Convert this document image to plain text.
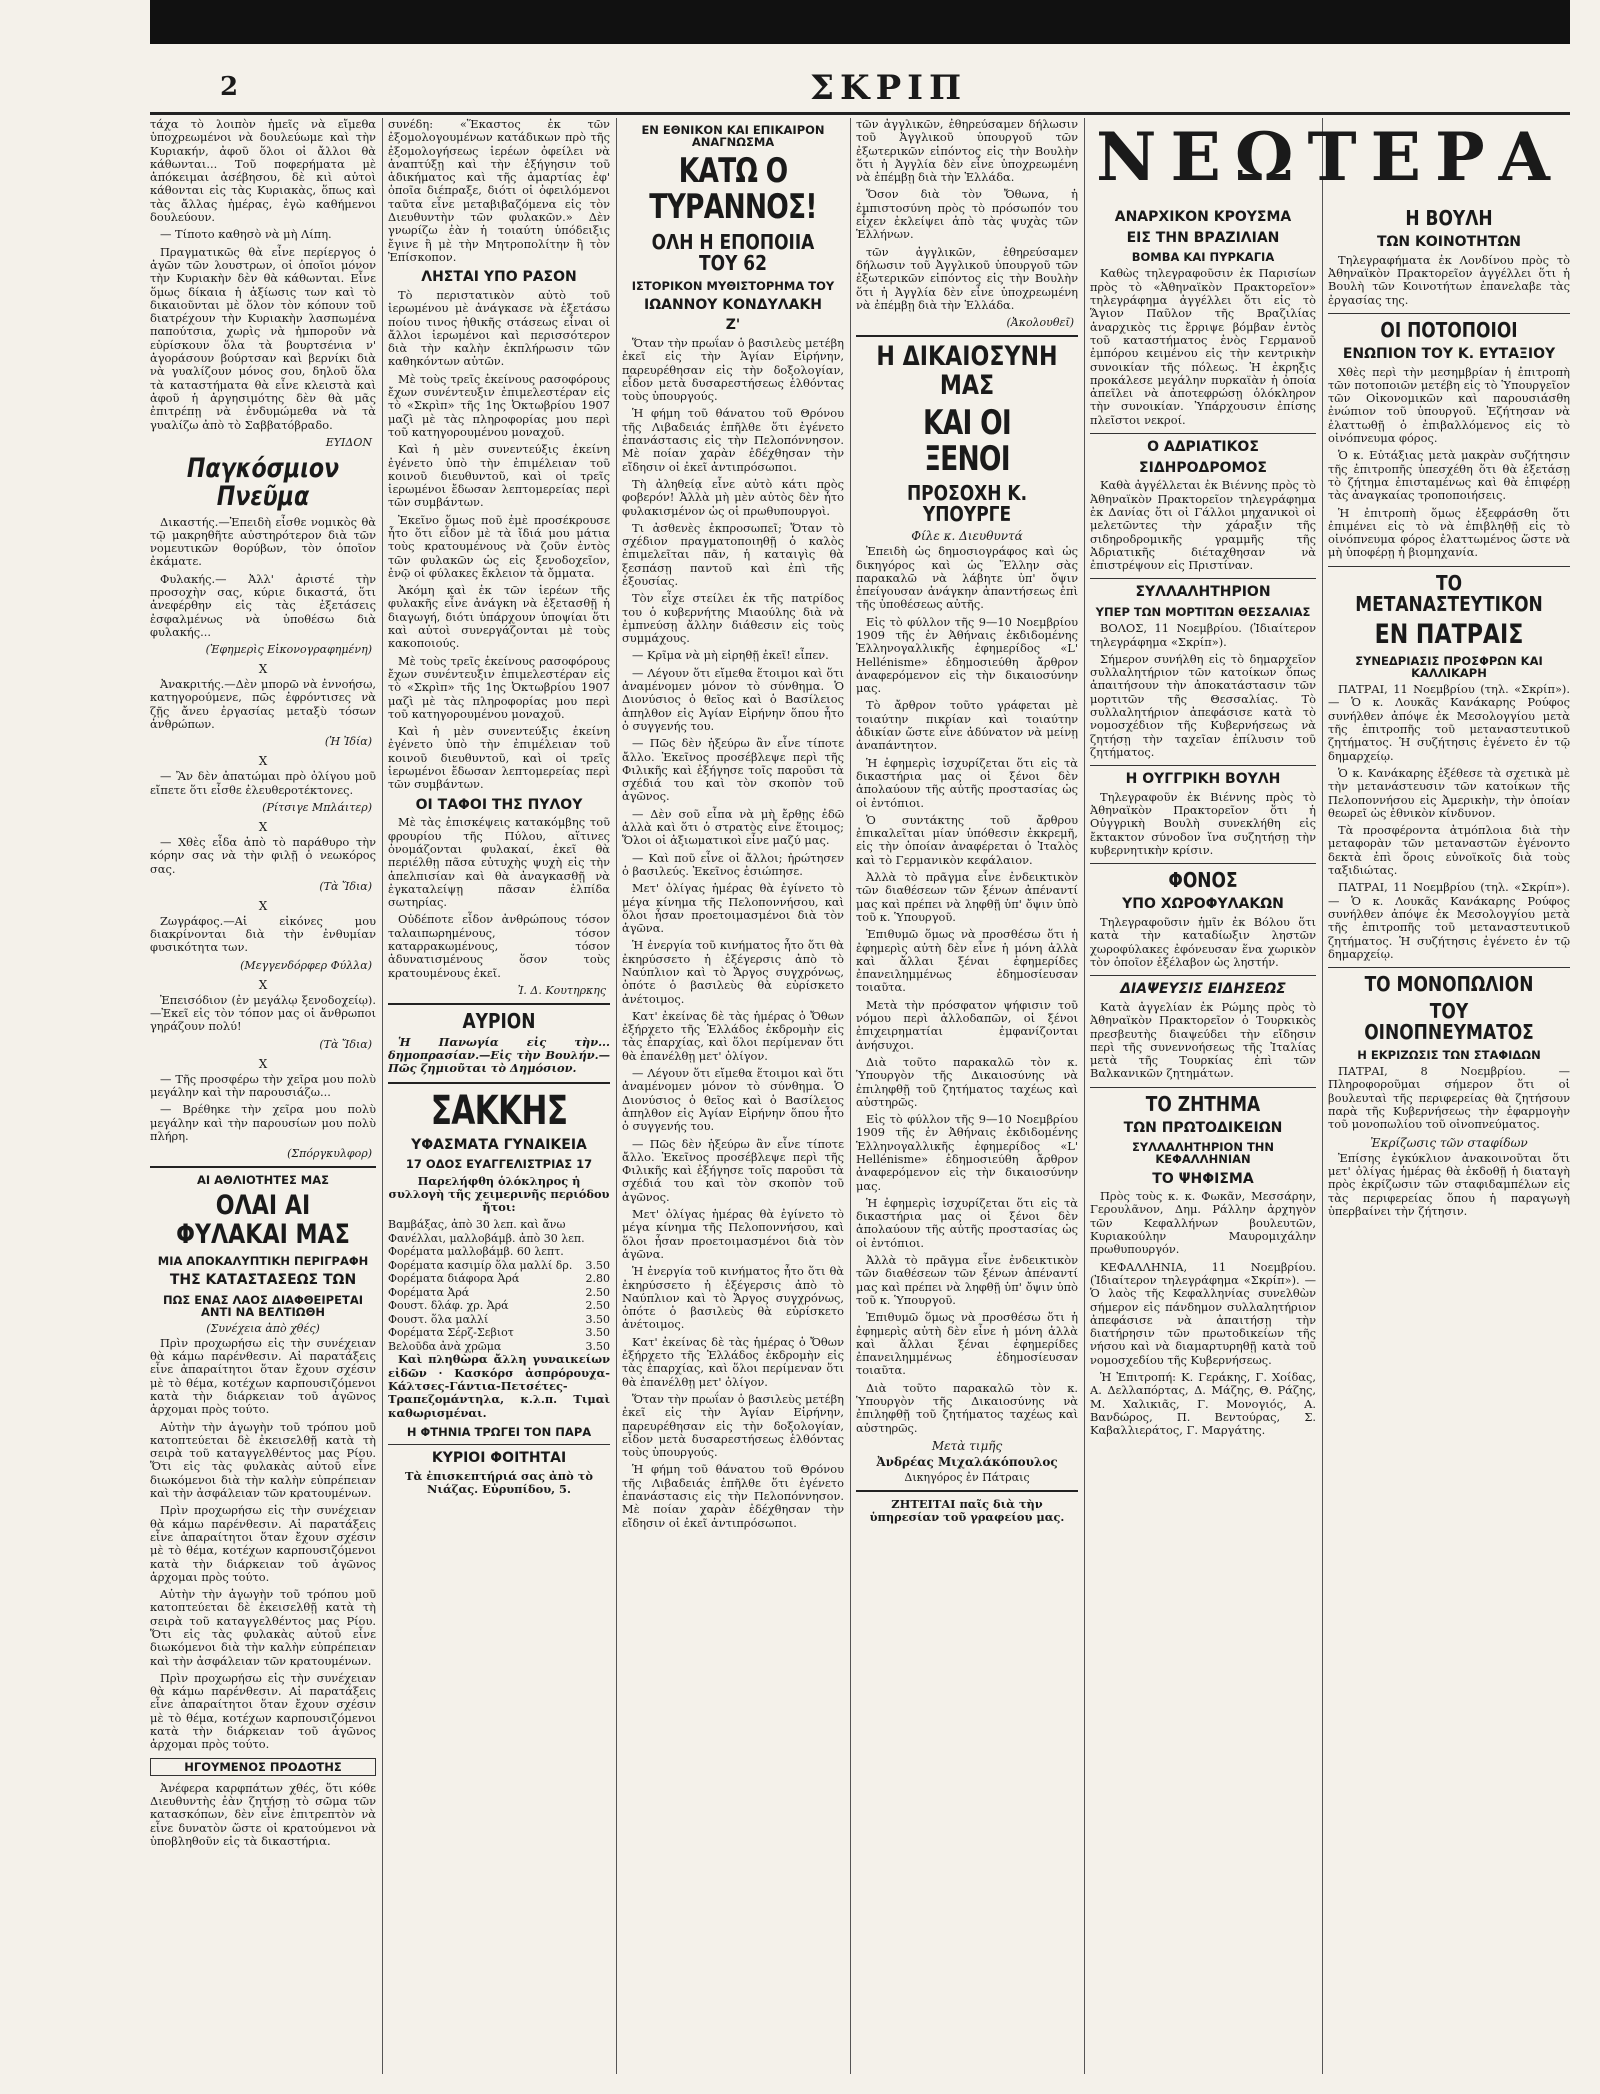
2	ΣΚΡΙΠ

τάχα τὸ λοιπὸν ἡμεῖς νὰ εἴμεθα ὑποχρεωμένοι νὰ δουλεύωμε καὶ τὴν Κυριακήν, ἀφοῦ ὅλοι οἱ ἄλλοι θὰ κάθωνται... Τοῦ ποφερήματα μὲ ἀπόκειμαι ἀσέβησου, δὲ κιὶ αὐτοὶ κάθονται εἰς τὰς Κυριακὰς, ὅπως καὶ τὰς ἄλλας ἡμέρας, ἐγὼ καθήμενοι δουλεύουν.

— Τίποτο καθησὸ νὰ μὴ Λίπη.

Πραγματικῶς θὰ εἶνε περίεργος ὁ ἀγῶν τῶν λουστρων, οἱ ὁποῖοι μόνον τὴν Κυριακὴν δὲν θὰ κάθωνται. Εἶνε ὅμως δίκαια ἡ ἀξίωσις των καὶ τὸ δικαιοῦνται μὲ ὅλον τὸν κόπουν τοῦ διατρέχουν τὴν Κυριακὴν λασπωμένα παπούτσια, χωρὶς νὰ ἠμποροῦν νὰ εὑρίσκουν ὅλα τὰ βουρτσένια ν' ἀγοράσουν βούρτσαν καὶ βερνίκι διὰ νὰ γυαλίζουν μόνος σου, δηλοῦ ὅλα τὰ καταστήματα θὰ εἶνε κλειστὰ καὶ ἀφοῦ ἡ ἀργησιμότης δὲν θὰ μᾶς ἐπιτρέπῃ νὰ ἐνδυμώμεθα νὰ τὰ γυαλίζω ἀπὸ τὸ Σαββατόβραδο.

ΕΥΙΔΟΝ
Παγκόσμιον Πνεῦμα

Δικαστής.—Ἐπειδὴ εἶσθε νομικὸς θὰ τῷ μακρηθῆτε αὐστηρότερον διὰ τῶν νομευτικῶν θορύβων, τὸν ὁποῖον ἐκάματε.

Φυλακής.— Ἀλλ' ἀριστέ τὴν προσοχὴν σας, κύριε δικαστά, ὅτι ἀνεφέρθην εἰς τὰς ἐξετάσεις ἐσφαλμένως νὰ ὑποθέσω διὰ φυλακής...

(Ἐφημερὶς Εἰκονογραφημένη)
Χ

Ἀνακριτής.—Δὲν μπορῶ νὰ ἐννοήσω, κατηγορούμενε, πῶς ἐφρόντισες νὰ ζῇς ἄνευ ἐργασίας μεταξὺ τόσων ἀνθρώπων.

(Ἡ Ἰδία)
Χ

— Ἂν δὲν ἀπατώμαι πρὸ ὀλίγου μοῦ εἴπετε ὅτι εἶσθε ἐλευθεροτέκτονες.

(Ρίτσιγε Μπλάιτερ)
Χ

— Χθὲς εἶδα ἀπὸ τὸ παράθυρο τὴν κόρην σας νὰ τὴν φιλῇ ὁ νεωκόρος σας.

(Τὰ Ἴδια)
Χ

Ζωγράφος.—Αἱ εἰκόνες μου διακρίνονται διὰ τὴν ἐνθυμίαν φυσικότητα των.

(Μεγγενδόρφερ Φύλλα)
Χ

Ἐπεισόδιον (ἐν μεγάλῳ ξενοδοχείῳ).—Ἐκεῖ εἰς τὸν τόπον μας οἱ ἄνθρωποι γηράζουν πολύ!

(Τὰ Ἴδια)
Χ

— Τῆς προσφέρω τὴν χεῖρα μου πολὺ μεγάλην καὶ τὴν παρουσιάζω...

— Βρέθηκε τὴν χεῖρα μου πολὺ μεγάλην καὶ τὴν παρουσίων μου πολὺ πλήρη.

(Σπόργκυλφορ)
ΑΙ ΑΘΛΙΟΤΗΤΕΣ ΜΑΣ
ΟΛΑΙ ΑΙ ΦΥΛΑΚΑΙ ΜΑΣ
ΜΙΑ ΑΠΟΚΑΛΥΠΤΙΚΗ ΠΕΡΙΓΡΑΦΗ
ΤΗΣ ΚΑΤΑΣΤΑΣΕΩΣ ΤΩΝ
ΠΩΣ ΕΝΑΣ ΛΑΟΣ ΔΙΑΦΘΕΙΡΕΤΑΙ ΑΝΤΙ ΝΑ ΒΕΛΤΙΩΘΗ
(Συνέχεια ἀπὸ χθές)

Πρὶν προχωρήσω εἰς τὴν συνέχειαν θὰ κάμω παρένθεσιν. Αἱ παρατάξεις εἶνε ἀπαραίτητοι ὅταν ἔχουν σχέσιν μὲ τὸ θέμα, κοτέχων καρπουσιζόμενοι κατὰ τὴν διάρκειαν τοῦ ἀγῶνος ἀρχομαι πρὸς τούτο.

Αὐτὴν τὴν ἀγωγὴν τοῦ τρόπου μοῦ κατοπτεύεται δὲ ἐκεισελθῇ κατὰ τὴ σειρὰ τοῦ καταγγελθέντος μας Ρίου. Ὅτι εἰς τὰς φυλακὰς αὐτοῦ εἶνε διωκόμενοι διὰ τὴν καλὴν εὐπρέπειαν καὶ τὴν ἀσφάλειαν τῶν κρατουμένων.

Πρὶν προχωρήσω εἰς τὴν συνέχειαν θὰ κάμω παρένθεσιν. Αἱ παρατάξεις εἶνε ἀπαραίτητοι ὅταν ἔχουν σχέσιν μὲ τὸ θέμα, κοτέχων καρπουσιζόμενοι κατὰ τὴν διάρκειαν τοῦ ἀγῶνος ἀρχομαι πρὸς τούτο.

Αὐτὴν τὴν ἀγωγὴν τοῦ τρόπου μοῦ κατοπτεύεται δὲ ἐκεισελθῇ κατὰ τὴ σειρὰ τοῦ καταγγελθέντος μας Ρίου. Ὅτι εἰς τὰς φυλακὰς αὐτοῦ εἶνε διωκόμενοι διὰ τὴν καλὴν εὐπρέπειαν καὶ τὴν ἀσφάλειαν τῶν κρατουμένων.

Πρὶν προχωρήσω εἰς τὴν συνέχειαν θὰ κάμω παρένθεσιν. Αἱ παρατάξεις εἶνε ἀπαραίτητοι ὅταν ἔχουν σχέσιν μὲ τὸ θέμα, κοτέχων καρπουσιζόμενοι κατὰ τὴν διάρκειαν τοῦ ἀγῶνος ἀρχομαι πρὸς τούτο.

ΗΓΟΥΜΕΝΟΣ ΠΡΟΔΟΤΗΣ

Ἀνέφερα καρφπάτων χθές, ὅτι κόθε Διευθυντὴς ἐὰν ζητήσῃ τὸ σῶμα τῶν κατασκόπων, δὲν εἶνε ἐπιτρεπτὸν νὰ εἶνε δυνατὸν ὥστε οἱ κρατούμενοι νὰ ὑποβληθοῦν εἰς τὰ δικαστήρια.

συνέδη: «Ἕκαστος ἐκ τῶν ἐξομολογουμένων κατάδικων πρὸ τῆς ἐξομολογήσεως ἱερέων ὀφείλει νὰ ἀναπτύξῃ καὶ τὴν ἐξήγησιν τοῦ ἀδικήματος καὶ τῆς ἀμαρτίας ἐφ' ὁποῖα διέπραξε, διότι οἱ ὀφειλόμενοι ταῦτα εἶνε μεταβιβαζόμενα εἰς τὸν Διευθυντὴν τῶν φυλακῶν.» Δὲν γνωρίζω ἐὰν ἡ τοιαύτη ὑπόδειξις ἔγινε ἢ μὲ τὴν Μητροπολίτην ἢ τὸν Ἐπίσκοπον.

ΛΗΣΤΑΙ ΥΠΟ ΡΑΣΟΝ

Τὸ περιστατικὸν αὐτὸ τοῦ ἱερωμένου μὲ ἀνάγκασε νὰ ἐξετάσω ποίου τινος ἠθικῆς στάσεως εἶναι οἱ ἄλλοι ἱερωμένοι καὶ περισσότερον διὰ τὴν καλὴν ἐκπλήρωσιν τῶν καθηκόντων αὐτῶν.

Μὲ τοὺς τρεῖς ἐκείνους ρασοφόρους ἔχων συνέντευξιν ἐπιμελεστέραν εἰς τὸ «Σκρὶπ» τῆς 1ης Ὀκτωβρίου 1907 μαζὶ μὲ τὰς πληροφορίας μου περὶ τοῦ κατηγορουμένου μοναχοῦ.

Καὶ ἡ μὲν συνεντεύξις ἐκείνη ἐγένετο ὑπὸ τὴν ἐπιμέλειαν τοῦ κοινοῦ διευθυντοῦ, καὶ οἱ τρεῖς ἱερωμένοι ἔδωσαν λεπτομερείας περὶ τῶν συμβάντων.

Ἐκεῖνο ὅμως ποῦ ἐμὲ προσέκρουσε ἦτο ὅτι εἶδον μὲ τὰ ἴδιά μου μάτια τοὺς κρατουμένους νὰ ζοῦν ἐντὸς τῶν φυλακῶν ὡς εἰς ξενοδοχεῖον, ἐνῷ οἱ φύλακες ἔκλειον τὰ ὄμματα.

Ἀκόμη καὶ ἐκ τῶν ἱερέων τῆς φυλακῆς εἶνε ἀνάγκη νὰ ἐξετασθῇ ἡ διαγωγή, διότι ὑπάρχουν ὑποψίαι ὅτι καὶ αὐτοὶ συνεργάζονται μὲ τοὺς κακοποιούς.

Μὲ τοὺς τρεῖς ἐκείνους ρασοφόρους ἔχων συνέντευξιν ἐπιμελεστέραν εἰς τὸ «Σκρὶπ» τῆς 1ης Ὀκτωβρίου 1907 μαζὶ μὲ τὰς πληροφορίας μου περὶ τοῦ κατηγορουμένου μοναχοῦ.

Καὶ ἡ μὲν συνεντεύξις ἐκείνη ἐγένετο ὑπὸ τὴν ἐπιμέλειαν τοῦ κοινοῦ διευθυντοῦ, καὶ οἱ τρεῖς ἱερωμένοι ἔδωσαν λεπτομερείας περὶ τῶν συμβάντων.

ΟΙ ΤΑΦΟΙ ΤΗΣ ΠΥΛΟΥ

Μὲ τὰς ἐπισκέψεις κατακόμβης τοῦ φρουρίου τῆς Πύλου, αἵτινες ὀνομάζονται φυλακαί, ἐκεῖ θὰ περιέλθῃ πᾶσα εὐτυχὴς ψυχὴ εἰς τὴν ἀπελπισίαν καὶ θὰ ἀναγκασθῇ νὰ ἐγκαταλείψῃ πᾶσαν ἐλπίδα σωτηρίας.

Οὐδέποτε εἶδον ἀνθρώπους τόσον ταλαιπωρημένους, τόσον καταρρακωμένους, τόσον ἀδυνατισμένους ὅσον τοὺς κρατουμένους ἐκεῖ.

Ἰ. Δ. Κουτηρκης
ΑΥΡΙΟΝ

Ἡ Πανωγία εἰς τὴν... δημοπρασίαν.—Εἰς τὴν Βουλήν.—Πῶς ζημιοῦται τὸ Δημόσιον.

ΣΑΚΚΗΣ
ΥΦΑΣΜΑΤΑ ΓΥΝΑΙΚΕΙΑ
17 ΟΔΟΣ ΕΥΑΓΓΕΛΙΣΤΡΙΑΣ 17

Παρελήφθη ὁλόκληρος ἡ συλλογὴ τῆς χειμερινῆς περιόδου ἤτοι:

Βαμβάξας, ἀπὸ 30 λεπ. καὶ ἄνω
Φανέλλαι, μαλλοβάμβ. ἀπὸ 30 λεπ.
Φορέματα μαλλοβάμβ. 60 λεπτ.
Φορέματα κασιμίρ ὅλα μαλλί δρ.	3.50
Φορέματα διάφορα Ἀρά	2.80
Φορέματα Ἀρά	2.50
Φουστ. δλάφ. χρ. Ἀρά	2.50
Φουστ. ὅλα μαλλί	3.50
Φορέματα Σέρζ-Σεβιοτ	3.50
Βελοῦδα ἀνὰ χρῶμα	3.50

Καὶ πληθὼρα ἄλλη γυναικείων εἰδῶν · Κασκόρσ ἀσπρόρουχα-Κάλτσες-Γάντια-Πετσέτες-Τραπεζομάντηλα, κ.λ.π. Τιμαὶ καθωρισμέναι.

Η ΦΤΗΝΙΑ ΤΡΩΓΕΙ ΤΟΝ ΠΑΡΑ
ΚΥΡΙΟΙ ΦΟΙΤΗΤΑΙ

Τὰ ἐπισκεπτήριά σας ἀπὸ τὸ Νιάζας. Εὐρυπίδου, 5.

ΕΝ ΕΘΝΙΚΟΝ ΚΑΙ ΕΠΙΚΑΙΡΟΝ ΑΝΑΓΝΩΣΜΑ
ΚΑΤΩ Ο ΤΥΡΑΝΝΟΣ!
ΟΛΗ Η ΕΠΟΠΟΙΙΑ ΤΟΥ 62
ΙΣΤΟΡΙΚΟΝ ΜΥΘΙΣΤΟΡΗΜΑ ΤΟΥ
ΙΩΑΝΝΟΥ ΚΟΝΔΥΛΑΚΗ
Ζ'

Ὅταν τὴν πρωΐαν ὁ βασιλεὺς μετέβη ἐκεῖ εἰς τὴν Ἁγίαν Εἰρήνην, παρευρέθησαν εἰς τὴν δοξολογίαν, εἶδον μετὰ δυσαρεστήσεως ἐλθόντας τοὺς ὑπουργούς.

Ἡ φήμη τοῦ θάνατου τοῦ Θρόνου τῆς Λιβαδειάς ἐπῆλθε ὅτι ἐγένετο ἐπανάστασις εἰς τὴν Πελοπόννησον. Μὲ ποίαν χαρὰν ἐδέχθησαν τὴν εἴδησιν οἱ ἐκεῖ ἀντιπρόσωποι.

Τὴ ἀληθείᾳ εἶνε αὐτὸ κάτι πρὸς φοβερόν! Ἀλλὰ μὴ μὲν αὐτὸς δὲν ἦτο φυλακισμένον ὡς οἱ πρωθυπουργοὶ.

Τι ἀσθενὲς ἐκπροσωπεῖ; Ὅταν τὸ σχέδιον πραγματοποιηθῇ ὁ καλὸς ἐπιμελεῖται πᾶν, ἡ καταιγὶς θὰ ξεσπάσῃ παντοῦ καὶ ἐπὶ τῆς ἐξουσίας.

Τὸν εἶχε στείλει ἐκ τῆς πατρίδος του ὁ κυβερνήτης Μιαούλης διὰ νὰ ἐμπνεύσῃ ἄλλην διάθεσιν εἰς τοὺς συμμάχους.

— Κρῖμα νὰ μὴ εἰρηθῇ ἐκεῖ! εἶπεν.

— Λέγουν ὅτι εἴμεθα ἕτοιμοι καὶ ὅτι ἀναμένομεν μόνον τὸ σύνθημα. Ὁ Διονύσιος ὁ θεῖος καὶ ὁ Βασίλειος ἀπηλθον εἰς Ἀγίαν Εἰρήνην ὅπου ἦτο ὁ συγγενής του.

— Πῶς δὲν ἠξεύρω ἂν εἶνε τίποτε ἄλλο. Ἐκεῖνος προσέβλεψε περὶ τῆς Φιλικῆς καὶ ἐξήγησε τοῖς παροῦσι τὰ σχέδιά του καὶ τὸν σκοπὸν τοῦ ἀγῶνος.

— Δὲν σοῦ εἶπα νὰ μὴ ἔρθῃς ἐδῶ ἀλλὰ καὶ ὅτι ὁ στρατὸς εἶνε ἕτοιμος; Ὅλοι οἱ ἀξιωματικοὶ εἶνε μαζύ μας.

— Καὶ ποῦ εἶνε οἱ ἄλλοι; ἠρώτησεν ὁ βασιλεύς. Ἐκεῖνος ἐσιώπησε.

Μετ' ὀλίγας ἡμέρας θὰ ἐγίνετο τὸ μέγα κίνημα τῆς Πελοποννήσου, καὶ ὅλοι ἦσαν προετοιμασμένοι διὰ τὸν ἀγῶνα.

Ἡ ἐνεργία τοῦ κινήματος ἦτο ὅτι θὰ ἐκηρύσσετο ἡ ἐξέγερσις ἀπὸ τὸ Ναύπλιον καὶ τὸ Ἄργος συγχρόνως, ὁπότε ὁ βασιλεὺς θὰ εὑρίσκετο ἀνέτοιμος.

Κατ' ἐκείνας δὲ τὰς ἡμέρας ὁ Ὄθων ἐξήρχετο τῆς Ἑλλάδος ἐκδρομὴν εἰς τὰς ἐπαρχίας, καὶ ὅλοι περίμεναν ὅτι θὰ ἐπανέλθῃ μετ' ὀλίγον.

— Λέγουν ὅτι εἴμεθα ἕτοιμοι καὶ ὅτι ἀναμένομεν μόνον τὸ σύνθημα. Ὁ Διονύσιος ὁ θεῖος καὶ ὁ Βασίλειος ἀπηλθον εἰς Ἀγίαν Εἰρήνην ὅπου ἦτο ὁ συγγενής του.

— Πῶς δὲν ἠξεύρω ἂν εἶνε τίποτε ἄλλο. Ἐκεῖνος προσέβλεψε περὶ τῆς Φιλικῆς καὶ ἐξήγησε τοῖς παροῦσι τὰ σχέδιά του καὶ τὸν σκοπὸν τοῦ ἀγῶνος.

Μετ' ὀλίγας ἡμέρας θὰ ἐγίνετο τὸ μέγα κίνημα τῆς Πελοποννήσου, καὶ ὅλοι ἦσαν προετοιμασμένοι διὰ τὸν ἀγῶνα.

Ἡ ἐνεργία τοῦ κινήματος ἦτο ὅτι θὰ ἐκηρύσσετο ἡ ἐξέγερσις ἀπὸ τὸ Ναύπλιον καὶ τὸ Ἄργος συγχρόνως, ὁπότε ὁ βασιλεὺς θὰ εὑρίσκετο ἀνέτοιμος.

Κατ' ἐκείνας δὲ τὰς ἡμέρας ὁ Ὄθων ἐξήρχετο τῆς Ἑλλάδος ἐκδρομὴν εἰς τὰς ἐπαρχίας, καὶ ὅλοι περίμεναν ὅτι θὰ ἐπανέλθῃ μετ' ὀλίγον.

Ὅταν τὴν πρωΐαν ὁ βασιλεὺς μετέβη ἐκεῖ εἰς τὴν Ἁγίαν Εἰρήνην, παρευρέθησαν εἰς τὴν δοξολογίαν, εἶδον μετὰ δυσαρεστήσεως ἐλθόντας τοὺς ὑπουργούς.

Ἡ φήμη τοῦ θάνατου τοῦ Θρόνου τῆς Λιβαδειάς ἐπῆλθε ὅτι ἐγένετο ἐπανάστασις εἰς τὴν Πελοπόννησον. Μὲ ποίαν χαρὰν ἐδέχθησαν τὴν εἴδησιν οἱ ἐκεῖ ἀντιπρόσωποι.

τῶν ἀγγλικῶν, ἐθηρεύσαμεν δήλωσιν τοῦ Ἀγγλικοῦ ὑπουργοῦ τῶν ἐξωτερικῶν εἰπόντος εἰς τὴν Βουλὴν ὅτι ἡ Ἀγγλία δὲν εἶνε ὑποχρεωμένη νὰ ἐπέμβῃ διὰ τὴν Ἑλλάδα.

Ὅσον διὰ τὸν Ὄθωνα, ἡ ἐμπιστοσύνη πρὸς τὸ πρόσωπόν του εἶχεν ἐκλείψει ἀπὸ τὰς ψυχὰς τῶν Ἑλλήνων.

τῶν ἀγγλικῶν, ἐθηρεύσαμεν δήλωσιν τοῦ Ἀγγλικοῦ ὑπουργοῦ τῶν ἐξωτερικῶν εἰπόντος εἰς τὴν Βουλὴν ὅτι ἡ Ἀγγλία δὲν εἶνε ὑποχρεωμένη νὰ ἐπέμβῃ διὰ τὴν Ἑλλάδα.

(Ἀκολουθεῖ)
Η ΔΙΚΑΙΟΣΥΝΗ ΜΑΣ
ΚΑΙ ΟΙ ΞΕΝΟΙ
ΠΡΟΣΟΧΗ Κ. ΥΠΟΥΡΓΕ
Φίλε κ. Διευθυντά

Ἐπειδὴ ὡς δημοσιογράφος καὶ ὡς δικηγόρος καὶ ὡς Ἕλλην σὰς παρακαλῶ νὰ λάβητε ὑπ' ὄψιν ἐπείγουσαν ἀνάγκην ἀπαντήσεως ἐπὶ τῆς ὑποθέσεως αὐτῆς.

Εἰς τὸ φύλλον τῆς 9—10 Νοεμβρίου 1909 τῆς ἐν Ἀθήναις ἐκδιδομένης Ἑλληνογαλλικῆς ἐφημερίδος «L' Hellénisme» ἐδημοσιεύθη ἄρθρον ἀναφερόμενον εἰς τὴν δικαιοσύνην μας.

Τὸ ἄρθρον τοῦτο γράφεται μὲ τοιαύτην πικρίαν καὶ τοιαύτην ἀδικίαν ὥστε εἶνε ἀδύνατον νὰ μείνῃ ἀναπάντητον.

Ἡ ἐφημερὶς ἰσχυρίζεται ὅτι εἰς τὰ δικαστήρια μας οἱ ξένοι δὲν ἀπολαύουν τῆς αὐτῆς προστασίας ὡς οἱ ἐντόπιοι.

Ὁ συντάκτης τοῦ ἄρθρου ἐπικαλεῖται μίαν ὑπόθεσιν ἐκκρεμῆ, εἰς τὴν ὁποίαν ἀναφέρεται ὁ Ἰταλὸς καὶ τὸ Γερμανικὸν κεφάλαιον.

Ἀλλὰ τὸ πρᾶγμα εἶνε ἐνδεικτικὸν τῶν διαθέσεων τῶν ξένων ἀπέναντί μας καὶ πρέπει νὰ ληφθῇ ὑπ' ὄψιν ὑπὸ τοῦ κ. Ὑπουργοῦ.

Ἐπιθυμῶ ὅμως νὰ προσθέσω ὅτι ἡ ἐφημερὶς αὐτὴ δὲν εἶνε ἡ μόνη ἀλλὰ καὶ ἄλλαι ξέναι ἐφημερίδες ἐπανειλημμένως ἐδημοσίευσαν τοιαῦτα.

Μετὰ τὴν πρόσφατον ψήφισιν τοῦ νόμου περὶ ἀλλοδαπῶν, οἱ ξένοι ἐπιχειρηματίαι ἐμφανίζονται ἀνήσυχοι.

Διὰ τοῦτο παρακαλῶ τὸν κ. Ὑπουργὸν τῆς Δικαιοσύνης νὰ ἐπιληφθῇ τοῦ ζητήματος ταχέως καὶ αὐστηρῶς.

Εἰς τὸ φύλλον τῆς 9—10 Νοεμβρίου 1909 τῆς ἐν Ἀθήναις ἐκδιδομένης Ἑλληνογαλλικῆς ἐφημερίδος «L' Hellénisme» ἐδημοσιεύθη ἄρθρον ἀναφερόμενον εἰς τὴν δικαιοσύνην μας.

Ἡ ἐφημερὶς ἰσχυρίζεται ὅτι εἰς τὰ δικαστήρια μας οἱ ξένοι δὲν ἀπολαύουν τῆς αὐτῆς προστασίας ὡς οἱ ἐντόπιοι.

Ἀλλὰ τὸ πρᾶγμα εἶνε ἐνδεικτικὸν τῶν διαθέσεων τῶν ξένων ἀπέναντί μας καὶ πρέπει νὰ ληφθῇ ὑπ' ὄψιν ὑπὸ τοῦ κ. Ὑπουργοῦ.

Ἐπιθυμῶ ὅμως νὰ προσθέσω ὅτι ἡ ἐφημερὶς αὐτὴ δὲν εἶνε ἡ μόνη ἀλλὰ καὶ ἄλλαι ξέναι ἐφημερίδες ἐπανειλημμένως ἐδημοσίευσαν τοιαῦτα.

Διὰ τοῦτο παρακαλῶ τὸν κ. Ὑπουργὸν τῆς Δικαιοσύνης νὰ ἐπιληφθῇ τοῦ ζητήματος ταχέως καὶ αὐστηρῶς.

Μετὰ τιμῆς
Ἀνδρέας Μιχαλάκόπουλος
Δικηγόρος ἐν Πάτραις

ΖΗΤΕΙΤΑΙ παῖς διὰ τὴν ὑπηρεσίαν τοῦ γραφείου μας.

ΝΕΩΤΕΡΑ
ΑΝΑΡΧΙΚΟΝ ΚΡΟΥΣΜΑ
ΕΙΣ ΤΗΝ ΒΡΑΖΙΛΙΑΝ
ΒΟΜΒΑ ΚΑΙ ΠΥΡΚΑΓΙΑ

Καθὼς τηλεγραφοῦσιν ἐκ Παρισίων πρὸς τὸ «Ἀθηναϊκὸν Πρακτορεῖον» τηλεγράφημα ἀγγέλλει ὅτι εἰς τὸ Ἅγιον Παῦλον τῆς Βραζιλίας ἀναρχικὸς τις ἔρριψε βόμβαν ἐντὸς τοῦ καταστήματος ἑνὸς Γερμανοῦ ἐμπόρου κειμένου εἰς τὴν κεντρικὴν συνοικίαν τῆς πόλεως. Ἡ ἐκρηξις προκάλεσε μεγάλην πυρκαϊὰν ἡ ὁποία ἀπεῖλει νὰ ἀποτεφρώσῃ ὁλόκληρον τὴν συνοικίαν. Ὑπάρχουσιν ἐπίσης πλεῖστοι νεκροί.

Ο ΑΔΡΙΑΤΙΚΟΣ
ΣΙΔΗΡΟΔΡΟΜΟΣ

Καθὰ ἀγγέλλεται ἐκ Βιέννης πρὸς τὸ Ἀθηναϊκὸν Πρακτορεῖον τηλεγράφημα ἐκ Δανίας ὅτι οἱ Γάλλοι μηχανικοὶ οἱ μελετῶντες τὴν χάραξιν τῆς σιδηροδρομικῆς γραμμῆς τῆς Ἀδριατικῆς διέταχθησαν νὰ ἐπιστρέψουν εἰς Πριστίναν.

ΣΥΛΛΑΛΗΤΗΡΙΟΝ
ΥΠΕΡ ΤΩΝ ΜΟΡΤΙΤΩΝ ΘΕΣΣΑΛΙΑΣ

ΒΟΛΟΣ, 11 Νοεμβρίου. (Ἰδιαίτερον τηλεγράφημα «Σκρίπ»).

Σήμερον συνήλθη εἰς τὸ δημαρχεῖον συλλαλητήριον τῶν κατοίκων ὅπως ἀπαιτήσουν τὴν ἀποκατάστασιν τῶν μορτιτῶν τῆς Θεσσαλίας. Τὸ συλλαλητήριον ἀπεφάσισε κατὰ τὸ νομοσχέδιον τῆς Κυβερνήσεως νὰ ζητήσῃ τὴν ταχεῖαν ἐπίλυσιν τοῦ ζητήματος.

Η ΟΥΓΓΡΙΚΗ ΒΟΥΛΗ

Τηλεγραφοῦν ἐκ Βιέννης πρὸς τὸ Ἀθηναϊκὸν Πρακτορεῖον ὅτι ἡ Οὐγγρικὴ Βουλὴ συνεκλήθη εἰς ἔκτακτον σύνοδον ἵνα συζητήσῃ τὴν κυβερνητικὴν κρίσιν.

ΦΟΝΟΣ
ΥΠΟ ΧΩΡΟΦΥΛΑΚΩΝ

Τηλεγραφοῦσιν ἡμῖν ἐκ Βόλου ὅτι κατὰ τὴν καταδίωξιν ληστῶν χωροφύλακες ἐφόνευσαν ἕνα χωρικὸν τὸν ὁποῖον ἐξέλαβον ὡς ληστήν.

ΔΙΑΨΕΥΣΙΣ ΕΙΔΗΣΕΩΣ

Κατὰ ἀγγελίαν ἐκ Ρώμης πρὸς τὸ Ἀθηναϊκὸν Πρακτορεῖον ὁ Τουρκικὸς πρεσβευτὴς διαψεύδει τὴν εἴδησιν περὶ τῆς συνεννοήσεως τῆς Ἰταλίας μετὰ τῆς Τουρκίας ἐπὶ τῶν Βαλκανικῶν ζητημάτων.

ΤΟ ΖΗΤΗΜΑ
ΤΩΝ ΠΡΩΤΟΔΙΚΕΙΩΝ
ΣΥΛΛΑΛΗΤΗΡΙΟΝ ΤΗΝ ΚΕΦΑΛΛΗΝΙΑΝ
ΤΟ ΨΗΦΙΣΜΑ

Πρὸς τοὺς κ. κ. Φωκᾶν, Μεσσάρην, Γερουλᾶνον, Δημ. Ράλλην ἀρχηγὸν τῶν Κεφαλλήνων βουλευτῶν, Κυριακούλην Μαυρομιχάλην πρωθυπουργόν.

ΚΕΦΑΛΛΗΝΙΑ, 11 Νοεμβρίου. (Ἰδιαίτερον τηλεγράφημα «Σκρίπ»). — Ὁ λαὸς τῆς Κεφαλληνίας συνελθὼν σήμερον εἰς πάνδημον συλλαλητήριον ἀπεφάσισε νὰ ἀπαιτήσῃ τὴν διατήρησιν τῶν πρωτοδικείων τῆς νήσου καὶ νὰ διαμαρτυρηθῇ κατὰ τοῦ νομοσχεδίου τῆς Κυβερνήσεως.

Ἡ Ἐπιτροπή: Κ. Γεράκης, Γ. Χοίδας, Α. Δελλαπόρτας, Δ. Μάζης, Θ. Ράζης, Μ. Χαλικιᾶς, Γ. Μονογιός, Α. Βανδώρος, Π. Βεντούρας, Σ. Καβαλλιεράτος, Γ. Μαργάτης.

Η ΒΟΥΛΗ
ΤΩΝ ΚΟΙΝΟΤΗΤΩΝ

Τηλεγραφήματα ἐκ Λονδίνου πρὸς τὸ Ἀθηναϊκὸν Πρακτορεῖον ἀγγέλλει ὅτι ἡ Βουλὴ τῶν Κοινοτήτων ἐπανελαβε τὰς ἐργασίας της.

ΟΙ ΠΟΤΟΠΟΙΟΙ
ΕΝΩΠΙΟΝ ΤΟΥ Κ. ΕΥΤΑΞΙΟΥ

Χθὲς περὶ τὴν μεσημβρίαν ἡ ἐπιτροπὴ τῶν ποτοποιῶν μετέβη εἰς τὸ Ὑπουργεῖον τῶν Οἰκονομικῶν καὶ παρουσιάσθη ἐνώπιον τοῦ ὑπουργοῦ. Ἐζήτησαν νὰ ἐλαττωθῇ ὁ ἐπιβαλλόμενος εἰς τὸ οἰνόπνευμα φόρος.

Ὁ κ. Εὐτάξιας μετὰ μακρὰν συζήτησιν τῆς ἐπιτροπῆς ὑπεσχέθη ὅτι θὰ ἐξετάσῃ τὸ ζήτημα ἐπισταμένως καὶ θὰ ἐπιφέρῃ τὰς ἀναγκαίας τροποποιήσεις.

Ἡ ἐπιτροπὴ ὅμως ἐξεφράσθη ὅτι ἐπιμένει εἰς τὸ νὰ ἐπιβληθῇ εἰς τὸ οἰνόπνευμα φόρος ἐλαττωμένος ὥστε νὰ μὴ ὑποφέρῃ ἡ βιομηχανία.

ΤΟ ΜΕΤΑΝΑΣΤΕΥΤΙΚΟΝ
ΕΝ ΠΑΤΡΑΙΣ
ΣΥΝΕΔΡΙΑΣΙΣ ΠΡΟΣΦΡΩΝ ΚΑΙ ΚΑΛΛΙΚΑΡΗ

ΠΑΤΡΑΙ, 11 Νοεμβρίου (τηλ. «Σκρίπ»). — Ὁ κ. Λουκᾶς Κανάκαρης Ρούφος συνήλθεν ἀπόψε ἐκ Μεσολογγίου μετὰ τῆς ἐπιτροπῆς τοῦ μεταναστευτικοῦ ζητήματος. Ἡ συζήτησις ἐγένετο ἐν τῷ δημαρχείῳ.

Ὁ κ. Κανάκαρης ἐξέθεσε τὰ σχετικὰ μὲ τὴν μετανάστευσιν τῶν κατοίκων τῆς Πελοποννήσου εἰς Ἀμερικὴν, τὴν ὁποίαν θεωρεῖ ὡς ἐθνικὸν κίνδυνον.

Τὰ προσφέροντα ἀτμόπλοια διὰ τὴν μεταφορὰν τῶν μεταναστῶν ἐγένοντο δεκτὰ ἐπὶ ὅροις εὐνοϊκοῖς διὰ τοὺς ταξιδιώτας.

ΠΑΤΡΑΙ, 11 Νοεμβρίου (τηλ. «Σκρίπ»). — Ὁ κ. Λουκᾶς Κανάκαρης Ρούφος συνήλθεν ἀπόψε ἐκ Μεσολογγίου μετὰ τῆς ἐπιτροπῆς τοῦ μεταναστευτικοῦ ζητήματος. Ἡ συζήτησις ἐγένετο ἐν τῷ δημαρχείῳ.

ΤΟ ΜΟΝΟΠΩΛΙΟΝ
ΤΟΥ ΟΙΝΟΠΝΕΥΜΑΤΟΣ
Η ΕΚΡΙΖΩΣΙΣ ΤΩΝ ΣΤΑΦΙΔΩΝ

ΠΑΤΡΑΙ, 8 Νοεμβρίου. — Πληροφοροῦμαι σήμερον ὅτι οἱ βουλευταὶ τῆς περιφερείας θὰ ζητήσουν παρὰ τῆς Κυβερνήσεως τὴν ἐφαρμογὴν τοῦ μονοπωλίου τοῦ οἰνοπνεύματος.

Ἐκρίζωσις τῶν σταφίδων

Ἐπίσης ἐγκύκλιον ἀνακοινοῦται ὅτι μετ' ὀλίγας ἡμέρας θὰ ἐκδοθῇ ἡ διαταγὴ πρὸς ἐκρίζωσιν τῶν σταφιδαμπέλων εἰς τὰς περιφερείας ὅπου ἡ παραγωγὴ ὑπερβαίνει τὴν ζήτησιν.
